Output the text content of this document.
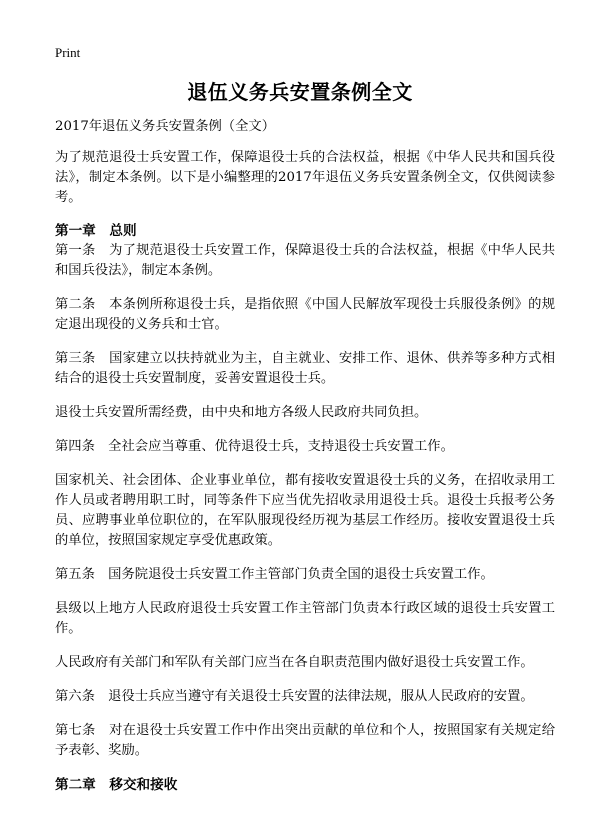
Print
退伍义务兵安置条例全文

2017年退伍义务兵安置条例（全文）

为了规范退役士兵安置工作，保障退役士兵的合法权益，根据《中华人民共和国兵役法》，制定本条例。以下是小编整理的2017年退伍义务兵安置条例全文，仅供阅读参考。

第一章　总则

第一条　为了规范退役士兵安置工作，保障退役士兵的合法权益，根据《中华人民共和国兵役法》，制定本条例。

第二条　本条例所称退役士兵，是指依照《中国人民解放军现役士兵服役条例》的规定退出现役的义务兵和士官。

第三条　国家建立以扶持就业为主，自主就业、安排工作、退休、供养等多种方式相结合的退役士兵安置制度，妥善安置退役士兵。

退役士兵安置所需经费，由中央和地方各级人民政府共同负担。

第四条　全社会应当尊重、优待退役士兵，支持退役士兵安置工作。

国家机关、社会团体、企业事业单位，都有接收安置退役士兵的义务，在招收录用工作人员或者聘用职工时，同等条件下应当优先招收录用退役士兵。退役士兵报考公务员、应聘事业单位职位的，在军队服现役经历视为基层工作经历。接收安置退役士兵的单位，按照国家规定享受优惠政策。

第五条　国务院退役士兵安置工作主管部门负责全国的退役士兵安置工作。

县级以上地方人民政府退役士兵安置工作主管部门负责本行政区域的退役士兵安置工作。

人民政府有关部门和军队有关部门应当在各自职责范围内做好退役士兵安置工作。

第六条　退役士兵应当遵守有关退役士兵安置的法律法规，服从人民政府的安置。

第七条　对在退役士兵安置工作中作出突出贡献的单位和个人，按照国家有关规定给予表彰、奖励。

第二章　移交和接收
